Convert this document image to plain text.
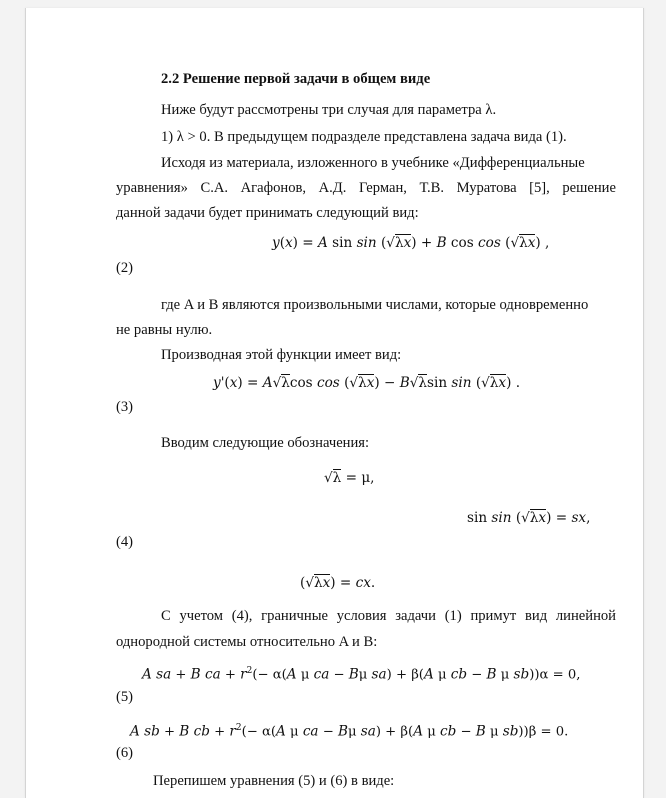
2.2 Решение первой задачи в общем виде
Ниже будут рассмотрены три случая для параметра λ.
1) λ > 0. В предыдущем подразделе представлена задача вида (1).
Исходя из материала, изложенного в учебнике «Дифференциальные
уравнения» С.А. Агафонов, А.Д. Герман, Т.В. Муратова [5], решение
данной задачи будет принимать следующий вид:
y(x) = A sin sin (√λx) + B cos cos (√λx) ,
(2)
где A и B являются произвольными числами, которые одновременно
не равны нулю.
Производная этой функции имеет вид:
y'(x) = A√λcos cos (√λx) − B√λsin sin (√λx) .
(3)
Вводим следующие обозначения:
√λ = μ,
sin sin (√λx) = sx,
(4)
(√λx) = cx.
С учетом (4), граничные условия задачи (1) примут вид линейной
однородной системы относительно A и B:
A sa + B ca + $r^2(- \alpha(A$ μ ca − Bμ sa) + β(A μ cb − B μ sb))α = 0,
(5)
A sb + B cb + $r^2(- \alpha(A$ μ ca − Bμ sa) + β(A μ cb − B μ sb))β = 0.
(6)
Перепишем уравнения (5) и (6) в виде:
